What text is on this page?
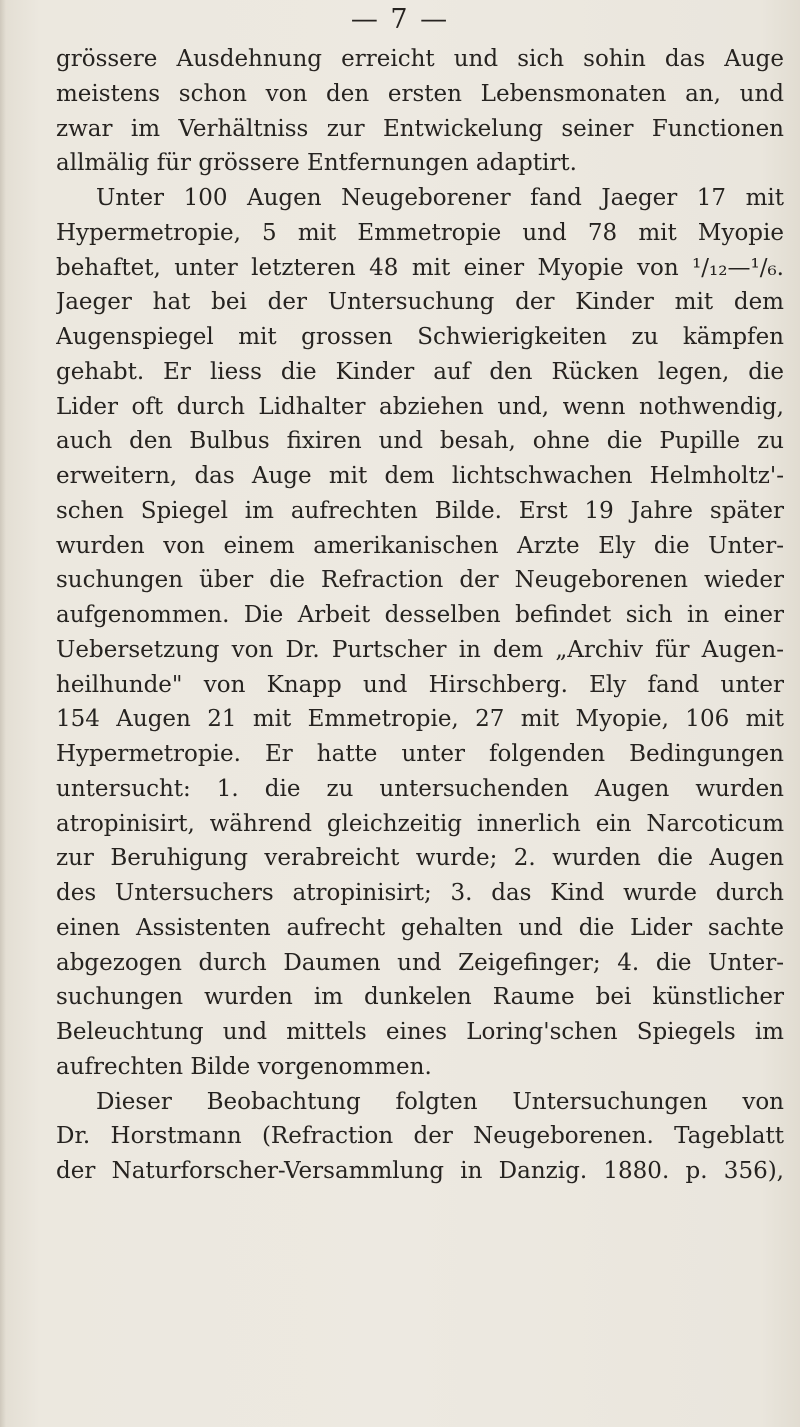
— 7 —
grössere Ausdehnung erreicht und sich sohin das Auge
meistens schon von den ersten Lebensmonaten an, und
zwar im Verhältniss zur Entwickelung seiner Functionen
allmälig für grössere Entfernungen adaptirt.
Unter 100 Augen Neugeborener fand Jaeger 17 mit
Hypermetropie, 5 mit Emmetropie und 78 mit Myopie
behaftet, unter letzteren 48 mit einer Myopie von ¹/₁₂—¹/₆.
Jaeger hat bei der Untersuchung der Kinder mit dem
Augenspiegel mit grossen Schwierigkeiten zu kämpfen
gehabt. Er liess die Kinder auf den Rücken legen, die
Lider oft durch Lidhalter abziehen und, wenn nothwendig,
auch den Bulbus fixiren und besah, ohne die Pupille zu
erweitern, das Auge mit dem lichtschwachen Helmholtz'-
schen Spiegel im aufrechten Bilde. Erst 19 Jahre später
wurden von einem amerikanischen Arzte Ely die Unter-
suchungen über die Refraction der Neugeborenen wieder
aufgenommen. Die Arbeit desselben befindet sich in einer
Uebersetzung von Dr. Purtscher in dem „Archiv für Augen-
heilhunde" von Knapp und Hirschberg. Ely fand unter
154 Augen 21 mit Emmetropie, 27 mit Myopie, 106 mit
Hypermetropie. Er hatte unter folgenden Bedingungen
untersucht: 1. die zu untersuchenden Augen wurden
atropinisirt, während gleichzeitig innerlich ein Narcoticum
zur Beruhigung verabreicht wurde; 2. wurden die Augen
des Untersuchers atropinisirt; 3. das Kind wurde durch
einen Assistenten aufrecht gehalten und die Lider sachte
abgezogen durch Daumen und Zeigefinger; 4. die Unter-
suchungen wurden im dunkelen Raume bei künstlicher
Beleuchtung und mittels eines Loring'schen Spiegels im
aufrechten Bilde vorgenommen.
Dieser Beobachtung folgten Untersuchungen von
Dr. Horstmann (Refraction der Neugeborenen. Tageblatt
der Naturforscher-Versammlung in Danzig. 1880. p. 356),
